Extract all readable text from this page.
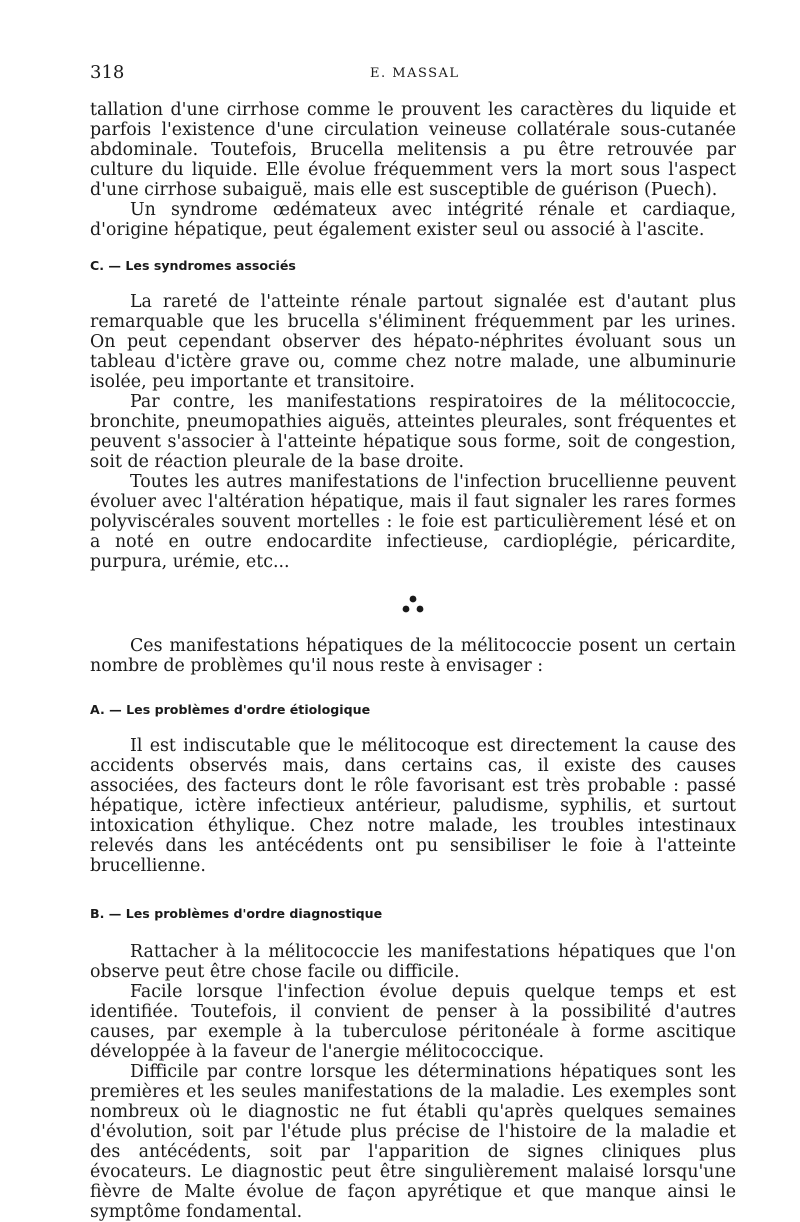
318	E. MASSAL

tallation d'une cirrhose comme le prouvent les caractères du liquide et parfois l'existence d'une circulation veineuse collatérale sous-cutanée abdominale. Toutefois, Brucella melitensis a pu être retrouvée par culture du liquide. Elle évolue fréquemment vers la mort sous l'aspect d'une cirrhose subaiguë, mais elle est susceptible de guérison (Puech).

Un syndrome œdémateux avec intégrité rénale et cardiaque, d'origine hépatique, peut également exister seul ou associé à l'ascite.

C. — Les syndromes associés

La rareté de l'atteinte rénale partout signalée est d'autant plus remarquable que les brucella s'éliminent fréquemment par les urines. On peut cependant observer des hépato-néphrites évoluant sous un tableau d'ictère grave ou, comme chez notre malade, une albuminurie isolée, peu importante et transitoire.

Par contre, les manifestations respiratoires de la mélitococcie, bronchite, pneumopathies aiguës, atteintes pleurales, sont fréquentes et peuvent s'associer à l'atteinte hépatique sous forme, soit de congestion, soit de réaction pleurale de la base droite.

Toutes les autres manifestations de l'infection brucellienne peuvent évoluer avec l'altération hépatique, mais il faut signaler les rares formes polyviscérales souvent mortelles : le foie est particulièrement lésé et on a noté en outre endocardite infectieuse, cardioplégie, péricardite, purpura, urémie, etc...

Ces manifestations hépatiques de la mélitococcie posent un certain nombre de problèmes qu'il nous reste à envisager :

A. — Les problèmes d'ordre étiologique

Il est indiscutable que le mélitocoque est directement la cause des accidents observés mais, dans certains cas, il existe des causes associées, des facteurs dont le rôle favorisant est très probable : passé hépatique, ictère infectieux antérieur, paludisme, syphilis, et surtout intoxication éthylique. Chez notre malade, les troubles intestinaux relevés dans les antécédents ont pu sensibiliser le foie à l'atteinte brucellienne.

B. — Les problèmes d'ordre diagnostique

Rattacher à la mélitococcie les manifestations hépatiques que l'on observe peut être chose facile ou difficile.

Facile lorsque l'infection évolue depuis quelque temps et est identifiée. Toutefois, il convient de penser à la possibilité d'autres causes, par exemple à la tuberculose péritonéale à forme ascitique développée à la faveur de l'anergie mélitococcique.

Difficile par contre lorsque les déterminations hépatiques sont les premières et les seules manifestations de la maladie. Les exemples sont nombreux où le diagnostic ne fut établi qu'après quelques semaines d'évolution, soit par l'étude plus précise de l'histoire de la maladie et des antécédents, soit par l'apparition de signes cliniques plus évocateurs. Le diagnostic peut être singulièrement malaisé lorsqu'une fièvre de Malte évolue de façon apyrétique et que manque ainsi le symptôme fondamental.
